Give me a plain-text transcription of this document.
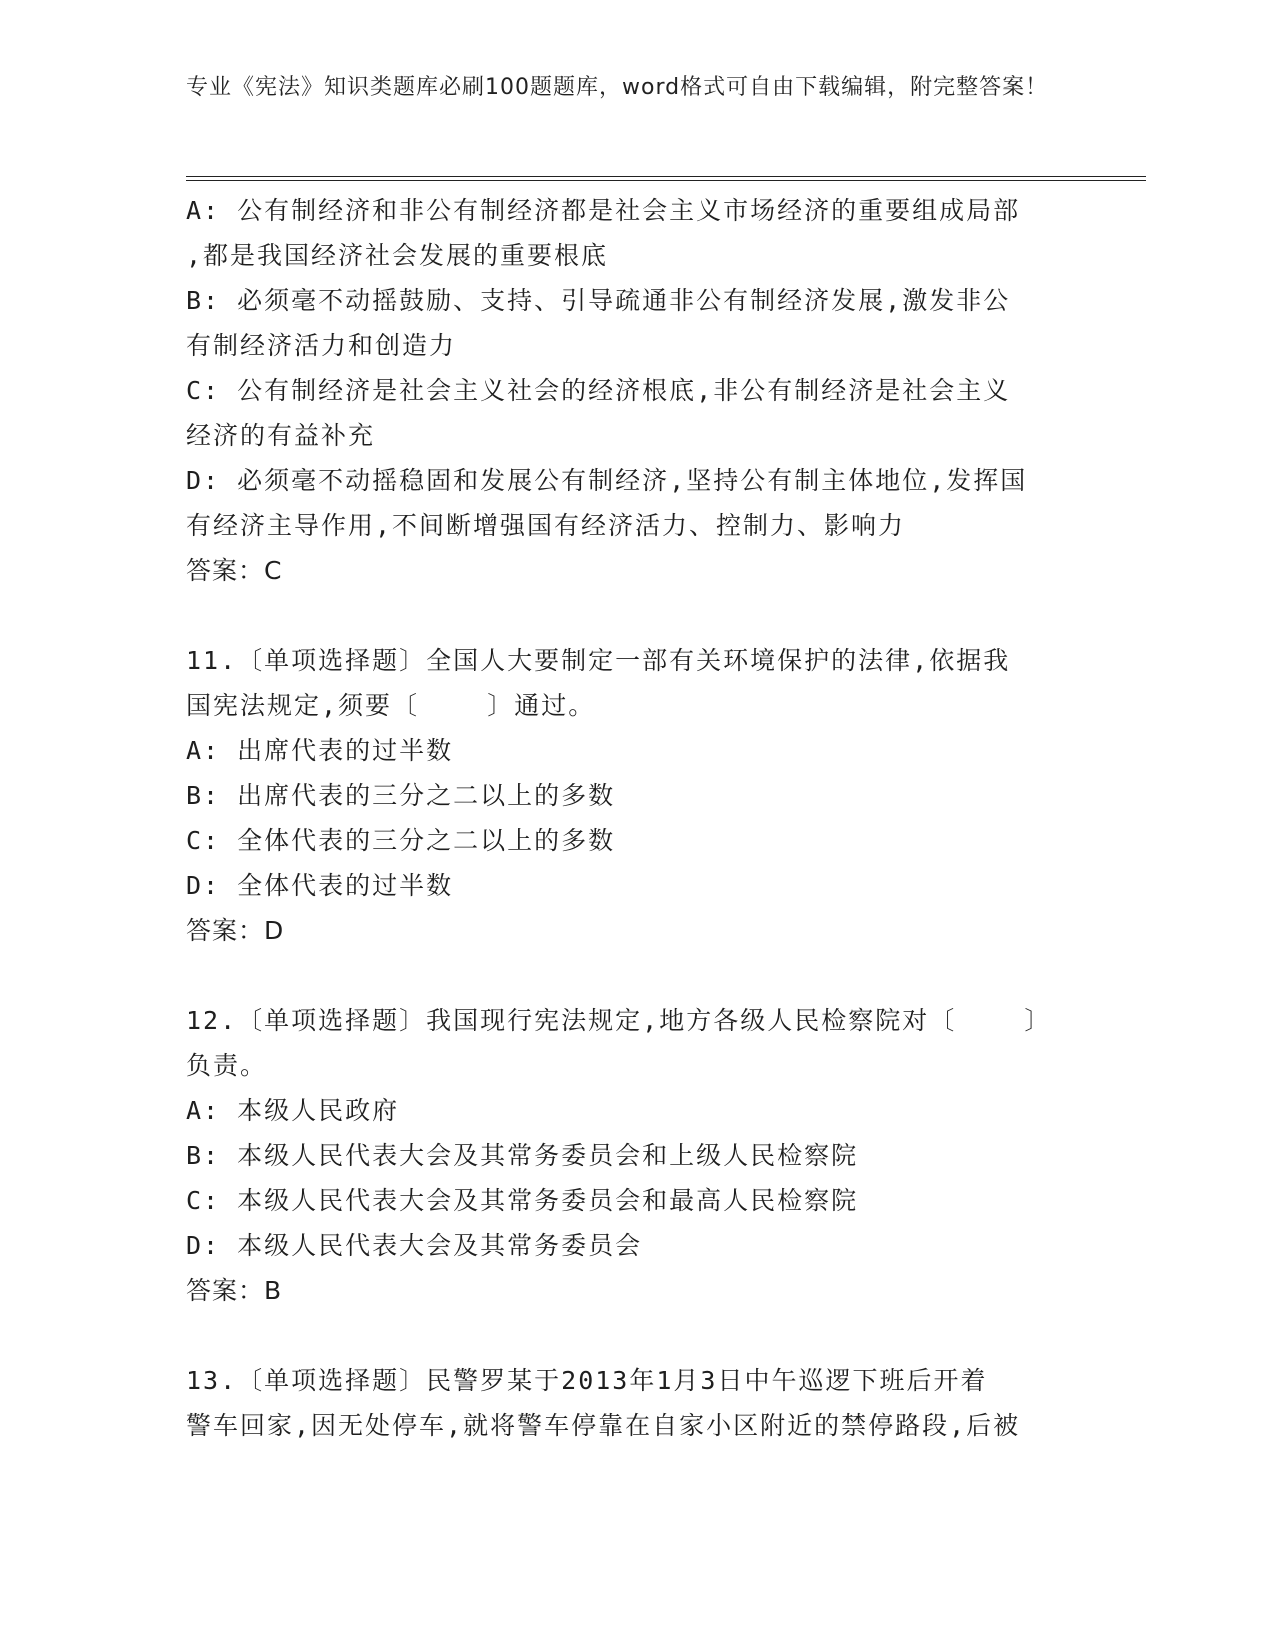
专业《宪法》知识类题库必刷100题题库，word格式可自由下载编辑，附完整答案！
A: 公有制经济和非公有制经济都是社会主义市场经济的重要组成局部
,都是我国经济社会发展的重要根底
B: 必须毫不动摇鼓励、支持、引导疏通非公有制经济发展,激发非公
有制经济活力和创造力
C: 公有制经济是社会主义社会的经济根底,非公有制经济是社会主义
经济的有益补充
D: 必须毫不动摇稳固和发展公有制经济,坚持公有制主体地位,发挥国
有经济主导作用,不间断增强国有经济活力、控制力、影响力
答案：C
11.〔单项选择题〕全国人大要制定一部有关环境保护的法律,依据我
国宪法规定,须要〔    〕通过。
A: 出席代表的过半数
B: 出席代表的三分之二以上的多数
C: 全体代表的三分之二以上的多数
D: 全体代表的过半数
答案：D
12.〔单项选择题〕我国现行宪法规定,地方各级人民检察院对〔    〕
负责。
A: 本级人民政府
B: 本级人民代表大会及其常务委员会和上级人民检察院
C: 本级人民代表大会及其常务委员会和最高人民检察院
D: 本级人民代表大会及其常务委员会
答案：B
13.〔单项选择题〕民警罗某于2013年1月3日中午巡逻下班后开着
警车回家,因无处停车,就将警车停靠在自家小区附近的禁停路段,后被
